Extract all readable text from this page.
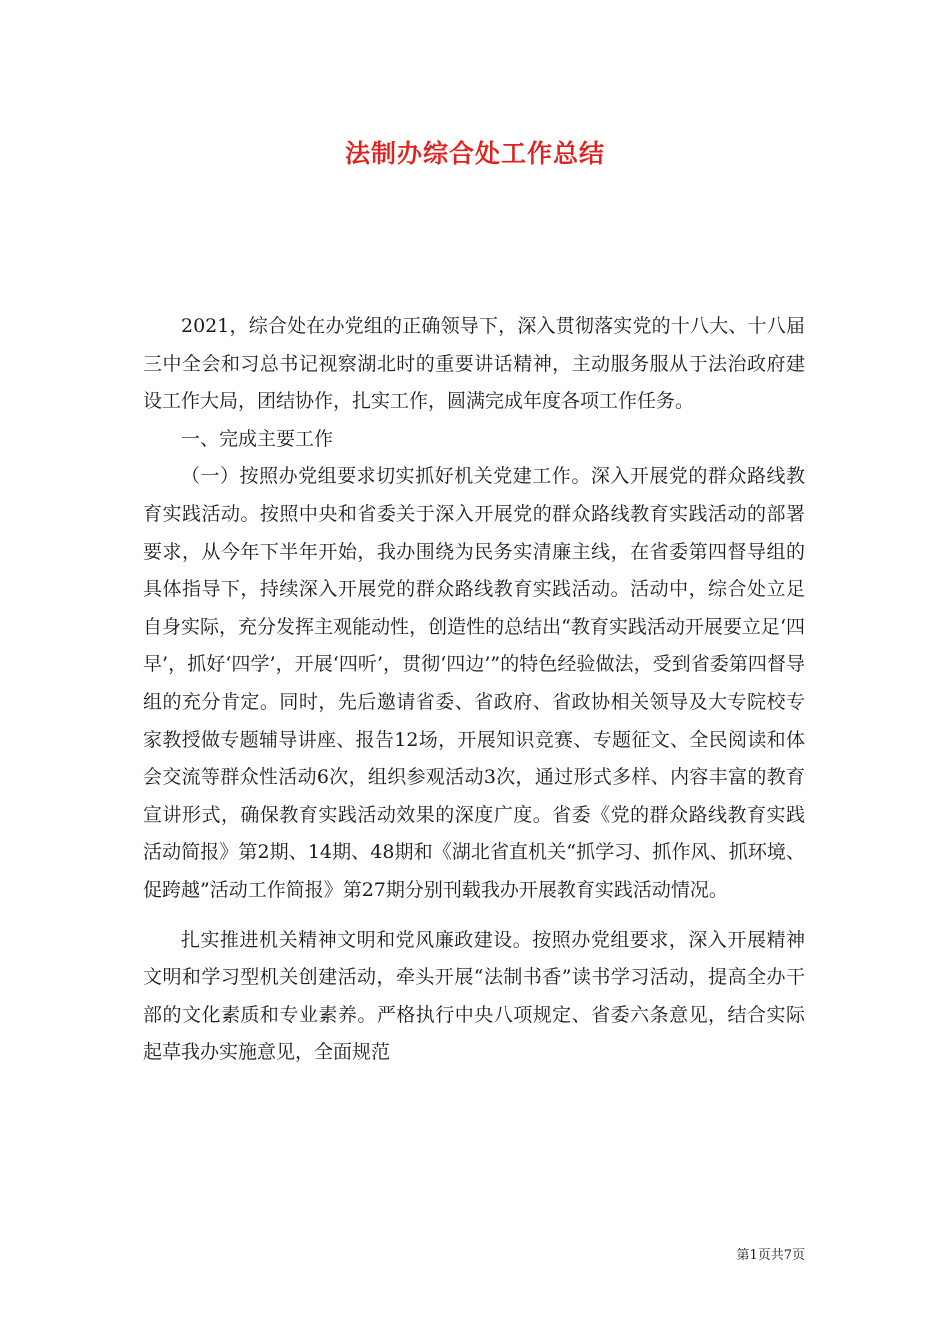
法制办综合处工作总结

2021，综合处在办党组的正确领导下，深入贯彻落实党的十八大、十八届三中全会和习总书记视察湖北时的重要讲话精神，主动服务服从于法治政府建设工作大局，团结协作，扎实工作，圆满完成年度各项工作任务。

一、完成主要工作

（一）按照办党组要求切实抓好机关党建工作。深入开展党的群众路线教育实践活动。按照中央和省委关于深入开展党的群众路线教育实践活动的部署要求，从今年下半年开始，我办围绕为民务实清廉主线，在省委第四督导组的具体指导下，持续深入开展党的群众路线教育实践活动。活动中，综合处立足自身实际，充分发挥主观能动性，创造性的总结出“教育实践活动开展要立足‘四早’，抓好‘四学’，开展‘四听’，贯彻‘四边’”的特色经验做法，受到省委第四督导组的充分肯定。同时，先后邀请省委、省政府、省政协相关领导及大专院校专家教授做专题辅导讲座、报告12场，开展知识竞赛、专题征文、全民阅读和体会交流等群众性活动6次，组织参观活动3次，通过形式多样、内容丰富的教育宣讲形式，确保教育实践活动效果的深度广度。省委《党的群众路线教育实践活动简报》第2期、14期、48期和《湖北省直机关“抓学习、抓作风、抓环境、促跨越”活动工作简报》第27期分别刊载我办开展教育实践活动情况。

扎实推进机关精神文明和党风廉政建设。按照办党组要求，深入开展精神文明和学习型机关创建活动，牵头开展“法制书香”读书学习活动，提高全办干部的文化素质和专业素养。严格执行中央八项规定、省委六条意见，结合实际起草我办实施意见，全面规范

第1页共7页
